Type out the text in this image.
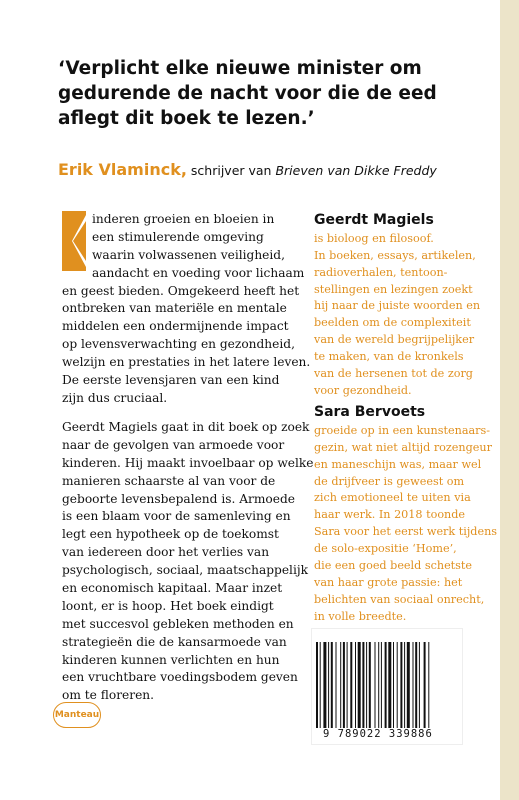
‘Verplicht elke nieuwe minister om
gedurende de nacht voor die de eed
aflegt dit boek te lezen.’
Erik Vlaminck, schrijver van Brieven van Dikke Freddy
inderen groeien en bloeien in
een stimulerende omgeving
waarin volwassenen veiligheid,
aandacht en voeding voor lichaam
en geest bieden. Omgekeerd heeft het
ontbreken van materiële en mentale
middelen een ondermijnende impact
op levensverwachting en gezondheid,
welzijn en prestaties in het latere leven.
De eerste levensjaren van een kind
zijn dus cruciaal.
Geerdt Magiels gaat in dit boek op zoek
naar de gevolgen van armoede voor
kinderen. Hij maakt invoelbaar op welke
manieren schaarste al van voor de
geboorte levensbepalend is. Armoede
is een blaam voor de samenleving en
legt een hypotheek op de toekomst
van iedereen door het verlies van
psychologisch, sociaal, maatschappelijk
en economisch kapitaal. Maar inzet
loont, er is hoop. Het boek eindigt
met succesvol gebleken methoden en
strategieën die de kansarmoede van
kinderen kunnen verlichten en hun
een vruchtbare voedingsbodem geven
om te floreren.
Geerdt Magiels
is bioloog en filosoof.
In boeken, essays, artikelen,
radioverhalen, tentoon-
stellingen en lezingen zoekt
hij naar de juiste woorden en
beelden om de complexiteit
van de wereld begrijpelijker
te maken, van de kronkels
van de hersenen tot de zorg
voor gezondheid.
Sara Bervoets
groeide op in een kunstenaars-
gezin, wat niet altijd rozengeur
en maneschijn was, maar wel
de drijfveer is geweest om
zich emotioneel te uiten via
haar werk. In 2018 toonde
Sara voor het eerst werk tijdens
de solo-expositie ‘Home’,
die een goed beeld schetste
van haar grote passie: het
belichten van sociaal onrecht,
in volle breedte.
Manteau
9 789022 339886
